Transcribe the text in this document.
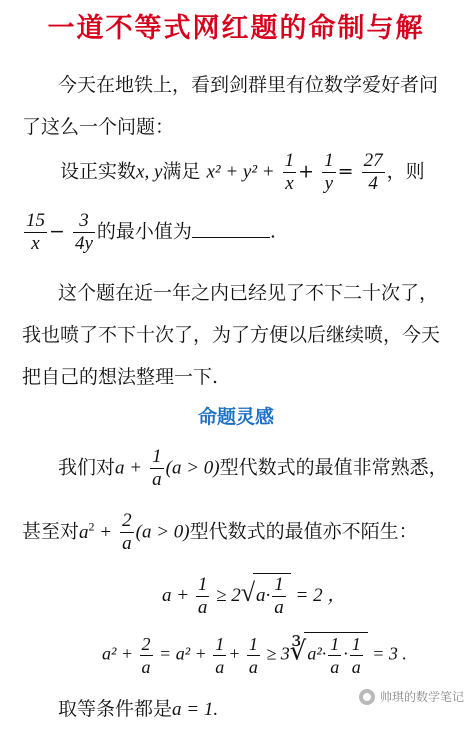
一道不等式网红题的命制与解
今天在地铁上，看到剑群里有位数学爱好者问
了这么一个问题：
设正实数x, y满足 $x^2 + y^2 + \frac{1}{x} + \frac{1}{y} = \frac{27}{4}$ ，则
$\frac{15}{x} - \frac{3}{4y}$ 的最小值为	.
这个题在近一年之内已经见了不下二十次了，
我也喷了不下十次了，为了方便以后继续喷，今天
把自己的想法整理一下.
命题灵感
我们对$a + \frac{1}{a} (a > 0)$型代数式的最值非常熟悉，
甚至对$a^2 + \frac{2}{a} (a > 0)$型代数式的最值亦不陌生：
$a + \frac{1}{a} \ge 2√a\cdot \frac{1}{a} = 2$ ，
$a^2 + \frac{2}{a} = a^2 + \frac{1}{a} + \frac{1}{a}$ ≥ 3∛a²· $\frac{1}{a} \cdot \frac{1}{a} = 3$ .
取等条件都是a = 1.
帅琪的数学笔记
